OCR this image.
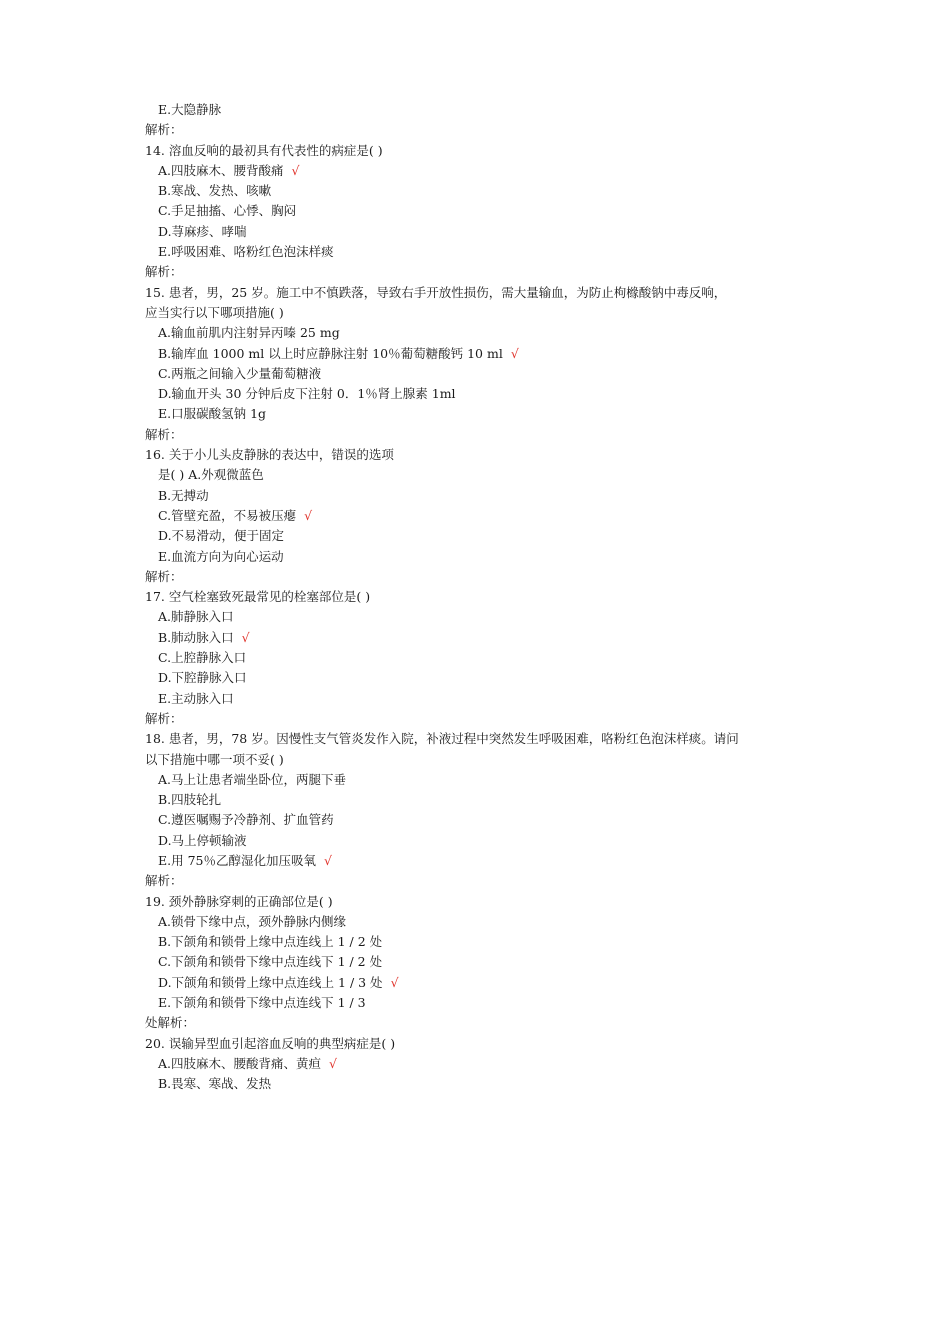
E.大隐静脉
解析：
14. 溶血反响的最初具有代表性的病症是( )
A.四肢麻木、腰背酸痛 √
B.寒战、发热、咳嗽
C.手足抽搐、心悸、胸闷
D.荨麻疹、哮喘
E.呼吸困难、咯粉红色泡沫样痰
解析：
15. 患者，男，25 岁。施工中不慎跌落，导致右手开放性损伤，需大量输血，为防止枸橼酸钠中毒反响，
应当实行以下哪项措施( )
A.输血前肌内注射异丙嗪 25 mg
B.输库血 1000 ml 以上时应静脉注射 10％葡萄糖酸钙 10 ml √
C.两瓶之间输入少量葡萄糖液
D.输血开头 30 分钟后皮下注射 0．1％肾上腺素 1ml
E.口服碳酸氢钠 1g
解析：
16. 关于小儿头皮静脉的表达中，错误的选项
是( ) A.外观微蓝色
B.无搏动
C.管壁充盈，不易被压瘪 √
D.不易滑动，便于固定
E.血流方向为向心运动
解析：
17. 空气栓塞致死最常见的栓塞部位是( )
A.肺静脉入口
B.肺动脉入口 √
C.上腔静脉入口
D.下腔静脉入口
E.主动脉入口
解析：
18. 患者，男，78 岁。因慢性支气管炎发作入院，补液过程中突然发生呼吸困难，咯粉红色泡沫样痰。请问
以下措施中哪一项不妥( )
A.马上让患者端坐卧位，两腿下垂
B.四肢轮扎
C.遵医嘱赐予冷静剂、扩血管药
D.马上停顿输液
E.用 75％乙醇湿化加压吸氧 √
解析：
19. 颈外静脉穿刺的正确部位是( )
A.锁骨下缘中点，颈外静脉内侧缘
B.下颌角和锁骨上缘中点连线上 1 / 2 处
C.下颌角和锁骨下缘中点连线下 1 / 2 处
D.下颌角和锁骨上缘中点连线上 1 / 3 处 √
E.下颌角和锁骨下缘中点连线下 1 / 3
处解析：
20. 误输异型血引起溶血反响的典型病症是( )
A.四肢麻木、腰酸背痛、黄疸 √
B.畏寒、寒战、发热
